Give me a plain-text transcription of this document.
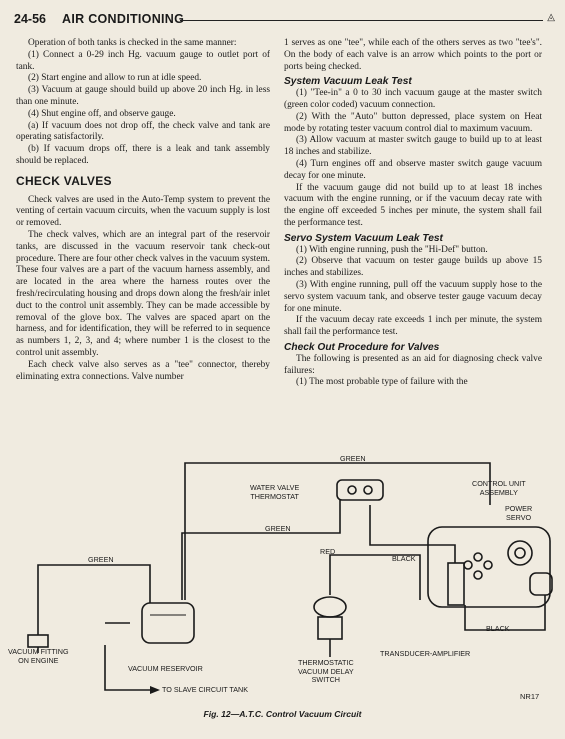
24-56 AIR CONDITIONING	◬

Operation of both tanks is checked in the same manner:

(1) Connect a 0-29 inch Hg. vacuum gauge to outlet port of tank.

(2) Start engine and allow to run at idle speed.

(3) Vacuum at gauge should build up above 20 inch Hg. in less than one minute.

(4) Shut engine off, and observe gauge.

(a) If vacuum does not drop off, the check valve and tank are operating satisfactorily.

(b) If vacuum drops off, there is a leak and tank assembly should be replaced.

CHECK VALVES

Check valves are used in the Auto-Temp system to prevent the venting of certain vacuum circuits, when the vacuum supply is lost or removed.

The check valves, which are an integral part of the reservoir tanks, are discussed in the vacuum reservoir tank check-out procedure. There are four other check valves in the vacuum system. These four valves are a part of the vacuum harness assembly, and are located in the area where the harness routes over the fresh/recirculating housing and drops down along the fresh/air inlet duct to the control unit assembly. They can be made accessible by removal of the glove box. The valves are spaced apart on the harness, and for identification, they will be referred to in sequence as numbers 1, 2, 3, and 4; where number 1 is the closest to the control unit assembly.

Each check valve also serves as a "tee" connector, thereby eliminating extra connections. Valve number

1 serves as one "tee", while each of the others serves as two "tee's". On the body of each valve is an arrow which points to the port or ports being checked.

System Vacuum Leak Test

(1) "Tee-in" a 0 to 30 inch vacuum gauge at the master switch (green color coded) vacuum connection.

(2) With the "Auto" button depressed, place system on Heat mode by rotating tester vacuum control dial to maximum vacuum.

(3) Allow vacuum at master switch gauge to build up to at least 18 inches and stabilize.

(4) Turn engines off and observe master switch gauge vacuum decay for one minute.

If the vacuum gauge did not build up to at least 18 inches vacuum with the engine running, or if the vacuum decay rate with the engine off exceeded 5 inches per minute, the system shall fail the performance test.

Servo System Vacuum Leak Test

(1) With engine running, push the "Hi-Def" button.

(2) Observe that vacuum on tester gauge builds up above 15 inches and stabilizes.

(3) With engine running, pull off the vacuum supply hose to the servo system vacuum tank, and observe tester gauge vacuum decay for one minute.

If the vacuum decay rate exceeds 1 inch per minute, the system shall fail the performance test.

Check Out Procedure for Valves

The following is presented as an aid for diagnosing check valve failures:

(1) The most probable type of failure with the

GREEN
WATER VALVE
THERMOSTAT
GREEN
RED
BLACK
GREEN
CONTROL UNIT
ASSEMBLY
POWER
SERVO
BLACK
TRANSDUCER-AMPLIFIER
VACUUM FITTING
ON ENGINE
VACUUM RESERVOIR
THERMOSTATIC
VACUUM DELAY
SWITCH
TO SLAVE CIRCUIT TANK
NR17
Fig. 12—A.T.C. Control Vacuum Circuit
